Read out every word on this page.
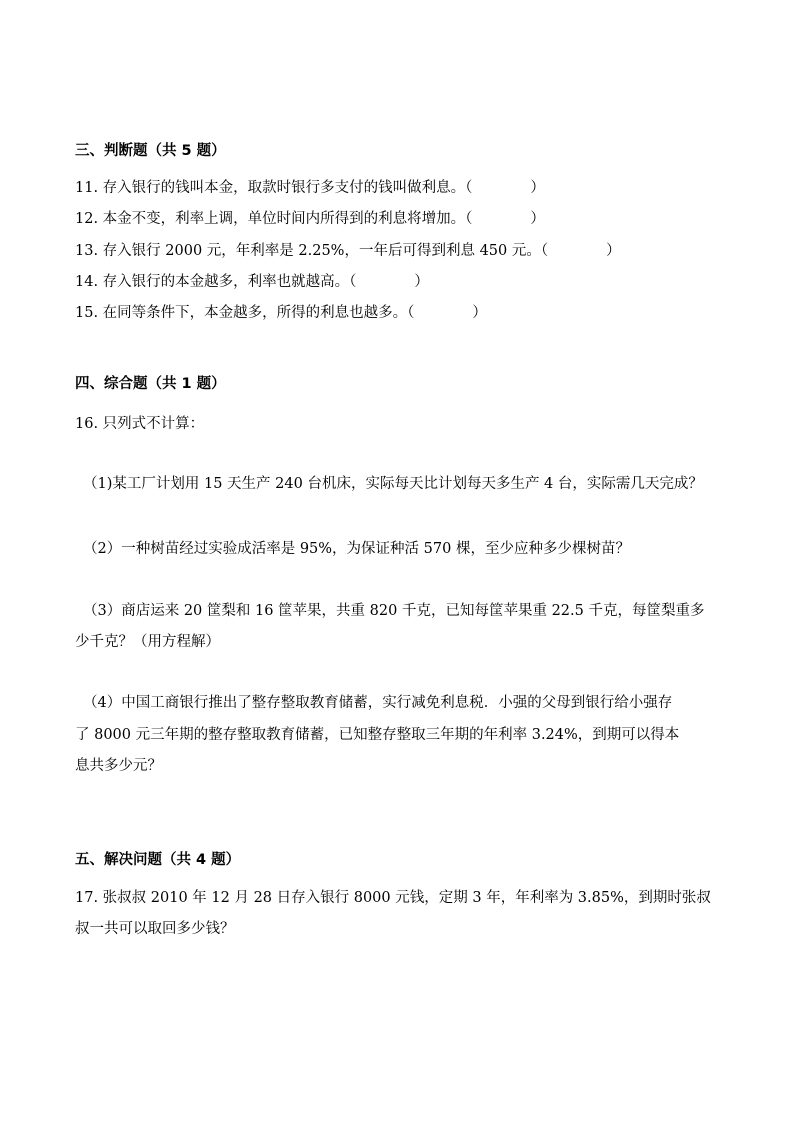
三、判断题（共 5 题）
11. 存入银行的钱叫本金，取款时银行多支付的钱叫做利息。（　　　　）
12. 本金不变，利率上调，单位时间内所得到的利息将增加。（　　　　）
13. 存入银行 2000 元，年利率是 2.25%，一年后可得到利息 450 元。（　　　　）
14. 存入银行的本金越多，利率也就越高。（　　　　）
15. 在同等条件下，本金越多，所得的利息也越多。（　　　　）
四、综合题（共 1 题）
16. 只列式不计算：
（1)某工厂计划用 15 天生产 240 台机床，实际每天比计划每天多生产 4 台，实际需几天完成？
（2）一种树苗经过实验成活率是 95%，为保证种活 570 棵，至少应种多少棵树苗？
（3）商店运来 20 筐梨和 16 筐苹果，共重 820 千克，已知每筐苹果重 22.5 千克，每筐梨重多
少千克？（用方程解）
（4）中国工商银行推出了整存整取教育储蓄，实行减免利息税．小强的父母到银行给小强存
了 8000 元三年期的整存整取教育储蓄，已知整存整取三年期的年利率 3.24%，到期可以得本
息共多少元？
五、解决问题（共 4 题）
17. 张叔叔 2010 年 12 月 28 日存入银行 8000 元钱，定期 3 年，年利率为 3.85%，到期时张叔
叔一共可以取回多少钱？
